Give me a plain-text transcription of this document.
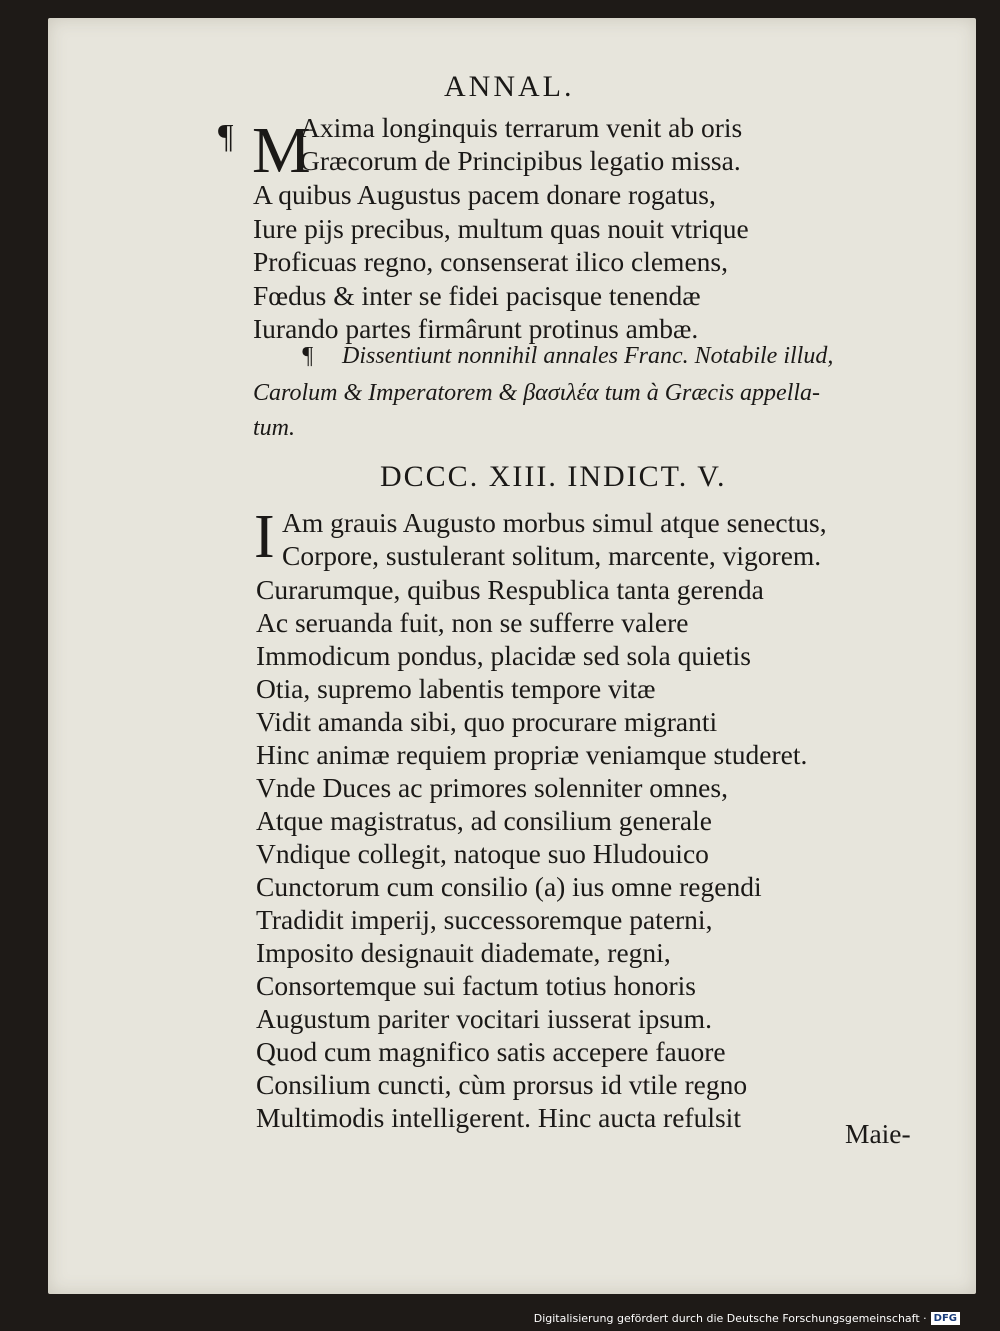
ANNAL.
¶ M
Axima longinquis terrarum venit ab oris
Græcorum de Principibus legatio missa.
A quibus Augustus pacem donare rogatus,
Iure pijs precibus, multum quas nouit vtrique
Proficuas regno, consenserat ilico clemens,
Fœdus & inter se fidei pacisque tenendæ
Iurando partes firmârunt protinus ambæ.
¶ Dissentiunt nonnihil annales Franc. Notabile illud,
Carolum & Imperatorem & βασιλέα tum à Græcis appella-
tum.
DCCC. XIII. INDICT. V.
I Am grauis Augusto morbus simul atque senectus,
Corpore, sustulerant solitum, marcente, vigorem.
Curarumque, quibus Respublica tanta gerenda
Ac seruanda fuit, non se sufferre valere
Immodicum pondus, placidæ sed sola quietis
Otia, supremo labentis tempore vitæ
Vidit amanda sibi, quo procurare migranti
Hinc animæ requiem propriæ veniamque studeret.
Vnde Duces ac primores solenniter omnes,
Atque magistratus, ad consilium generale
Vndique collegit, natoque suo Hludouico
Cunctorum cum consilio (a) ius omne regendi
Tradidit imperij, successoremque paterni,
Imposito designauit diademate, regni,
Consortemque sui factum totius honoris
Augustum pariter vocitari iusserat ipsum.
Quod cum magnifico satis accepere fauore
Consilium cuncti, cùm prorsus id vtile regno
Multimodis intelligerent. Hinc aucta refulsit
Maie-
Digitalisierung gefördert durch die Deutsche Forschungsgemeinschaft · DFG
